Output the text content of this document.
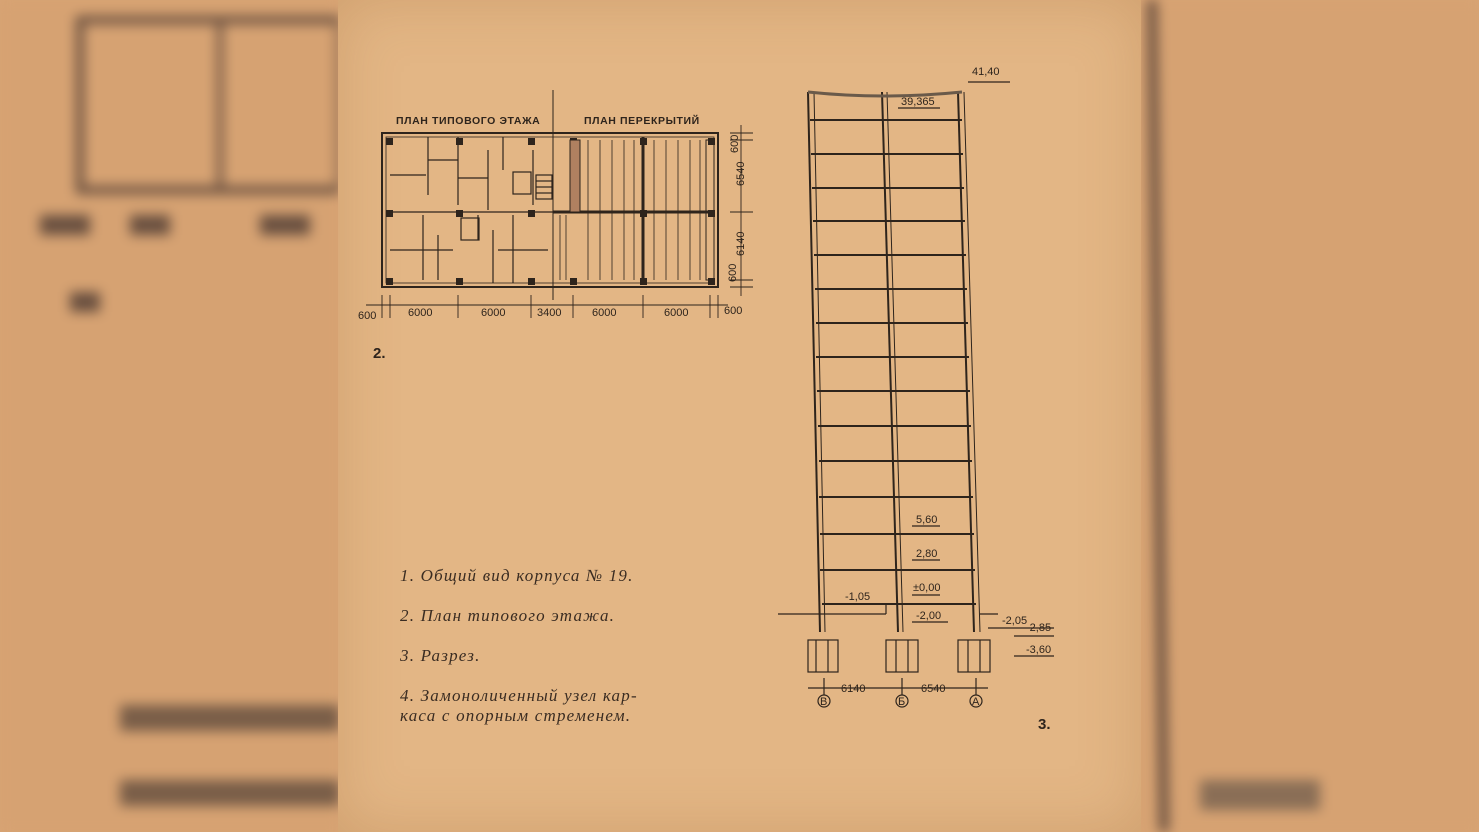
ПЛАН ТИПОВОГО ЭТАЖА	ПЛАН ПЕРЕКРЫТИЙ
600	6000	6000	3400	6000	6000	600
600
6540
6140
600
41,40
39,365
5,60
2,80
±0,00
-1,05
-2,00	-2,05
-2,85
-3,60
6140	6540
В	Б	А
2.
3.
1. Общий вид корпуса № 19.
2. План типового этажа.
3. Разрез.
4. Замоноличенный узел кар-
каса с опорным стременем.
